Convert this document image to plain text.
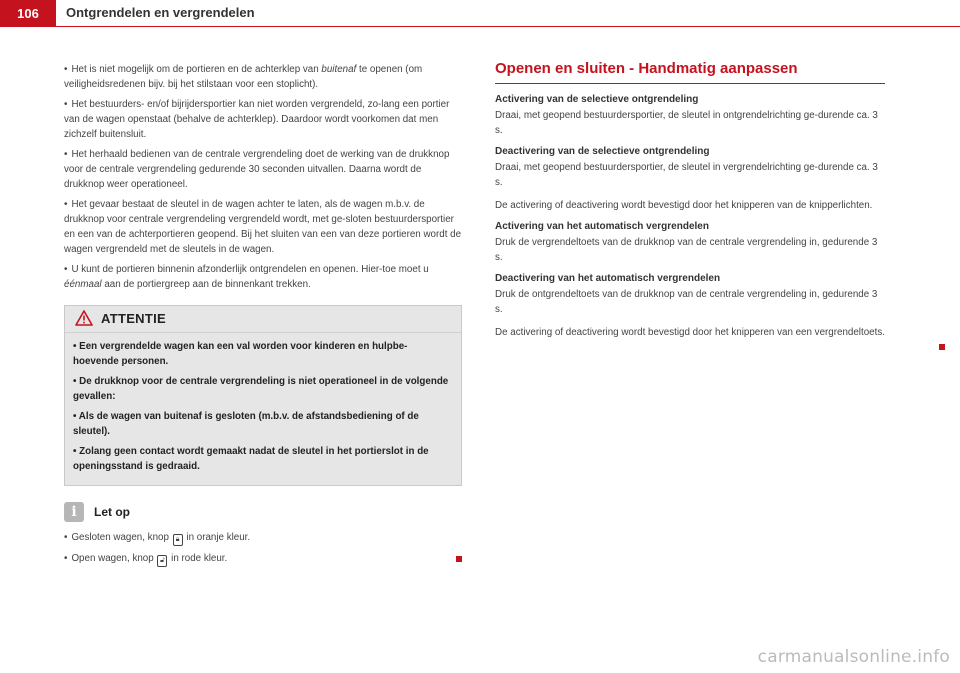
106	Ontgrendelen en vergrendelen

• Het is niet mogelijk om de portieren en de achterklep van buitenaf te openen (om veiligheidsredenen bijv. bij het stilstaan voor een stoplicht).

• Het bestuurders- en/of bijrijdersportier kan niet worden vergrendeld, zo-lang een portier van de wagen openstaat (behalve de achterklep). Daardoor wordt voorkomen dat men zichzelf buitensluit.

• Het herhaald bedienen van de centrale vergrendeling doet de werking van de drukknop voor de centrale vergrendeling gedurende 30 seconden uitvallen. Daarna wordt de drukknop weer operationeel.

• Het gevaar bestaat de sleutel in de wagen achter te laten, als de wagen m.b.v. de drukknop voor centrale vergrendeling vergrendeld wordt, met ge-sloten bestuurdersportier en een van de achterportieren geopend. Bij het sluiten van een van deze portieren wordt de wagen vergrendeld met de sleutels in de wagen.

• U kunt de portieren binnenin afzonderlijk ontgrendelen en openen. Hier-toe moet u éénmaal aan de portiergreep aan de binnenkant trekken.

ATTENTIE

• Een vergrendelde wagen kan een val worden voor kinderen en hulpbe-hoevende personen.

• De drukknop voor de centrale vergrendeling is niet operationeel in de volgende gevallen:

• Als de wagen van buitenaf is gesloten (m.b.v. de afstandsbediening of de sleutel).

• Zolang geen contact wordt gemaakt nadat de sleutel in het portierslot in de openingsstand is gedraaid.

i	Let op

• Gesloten wagen, knop 🔒︎ in oranje kleur.

• Open wagen, knop 🔓︎ in rode kleur.

Openen en sluiten - Handmatig aanpassen
Activering van de selectieve ontgrendeling

Draai, met geopend bestuurdersportier, de sleutel in ontgrendelrichting ge-durende ca. 3 s.

Deactivering van de selectieve ontgrendeling

Draai, met geopend bestuurdersportier, de sleutel in vergrendelrichting ge-durende ca. 3 s.

De activering of deactivering wordt bevestigd door het knipperen van de knipperlichten.

Activering van het automatisch vergrendelen

Druk de vergrendeltoets van de drukknop van de centrale vergrendeling in, gedurende 3 s.

Deactivering van het automatisch vergrendelen

Druk de ontgrendeltoets van de drukknop van de centrale vergrendeling in, gedurende 3 s.

De activering of deactivering wordt bevestigd door het knipperen van een vergrendeltoets.

carmanualsonline.info
